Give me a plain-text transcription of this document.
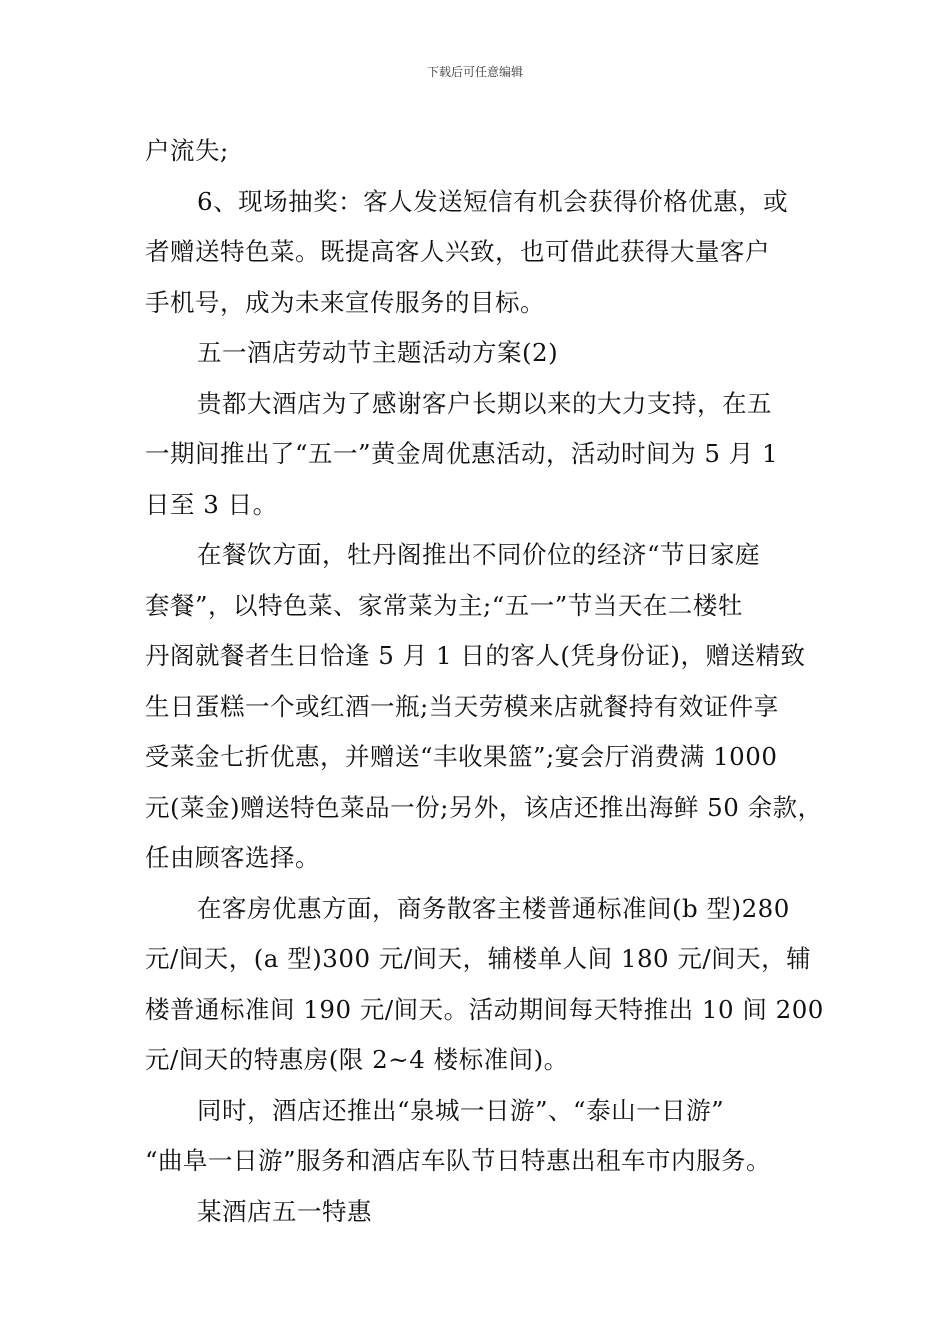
下载后可任意编辑
户流失;
6、现场抽奖：客人发送短信有机会获得价格优惠，或
者赠送特色菜。既提高客人兴致，也可借此获得大量客户
手机号，成为未来宣传服务的目标。
五一酒店劳动节主题活动方案(2)
贵都大酒店为了感谢客户长期以来的大力支持，在五
一期间推出了“五一”黄金周优惠活动，活动时间为 5 月 1
日至 3 日。
在餐饮方面，牡丹阁推出不同价位的经济“节日家庭
套餐”，以特色菜、家常菜为主;“五一”节当天在二楼牡
丹阁就餐者生日恰逢 5 月 1 日的客人(凭身份证)，赠送精致
生日蛋糕一个或红酒一瓶;当天劳模来店就餐持有效证件享
受菜金七折优惠，并赠送“丰收果篮”;宴会厅消费满 1000
元(菜金)赠送特色菜品一份;另外，该店还推出海鲜 50 余款，
任由顾客选择。
在客房优惠方面，商务散客主楼普通标准间(b 型)280
元/间天，(a 型)300 元/间天，辅楼单人间 180 元/间天，辅
楼普通标准间 190 元/间天。活动期间每天特推出 10 间 200
元/间天的特惠房(限 2~4 楼标准间)。
同时，酒店还推出“泉城一日游”、“泰山一日游”
“曲阜一日游”服务和酒店车队节日特惠出租车市内服务。
某酒店五一特惠
